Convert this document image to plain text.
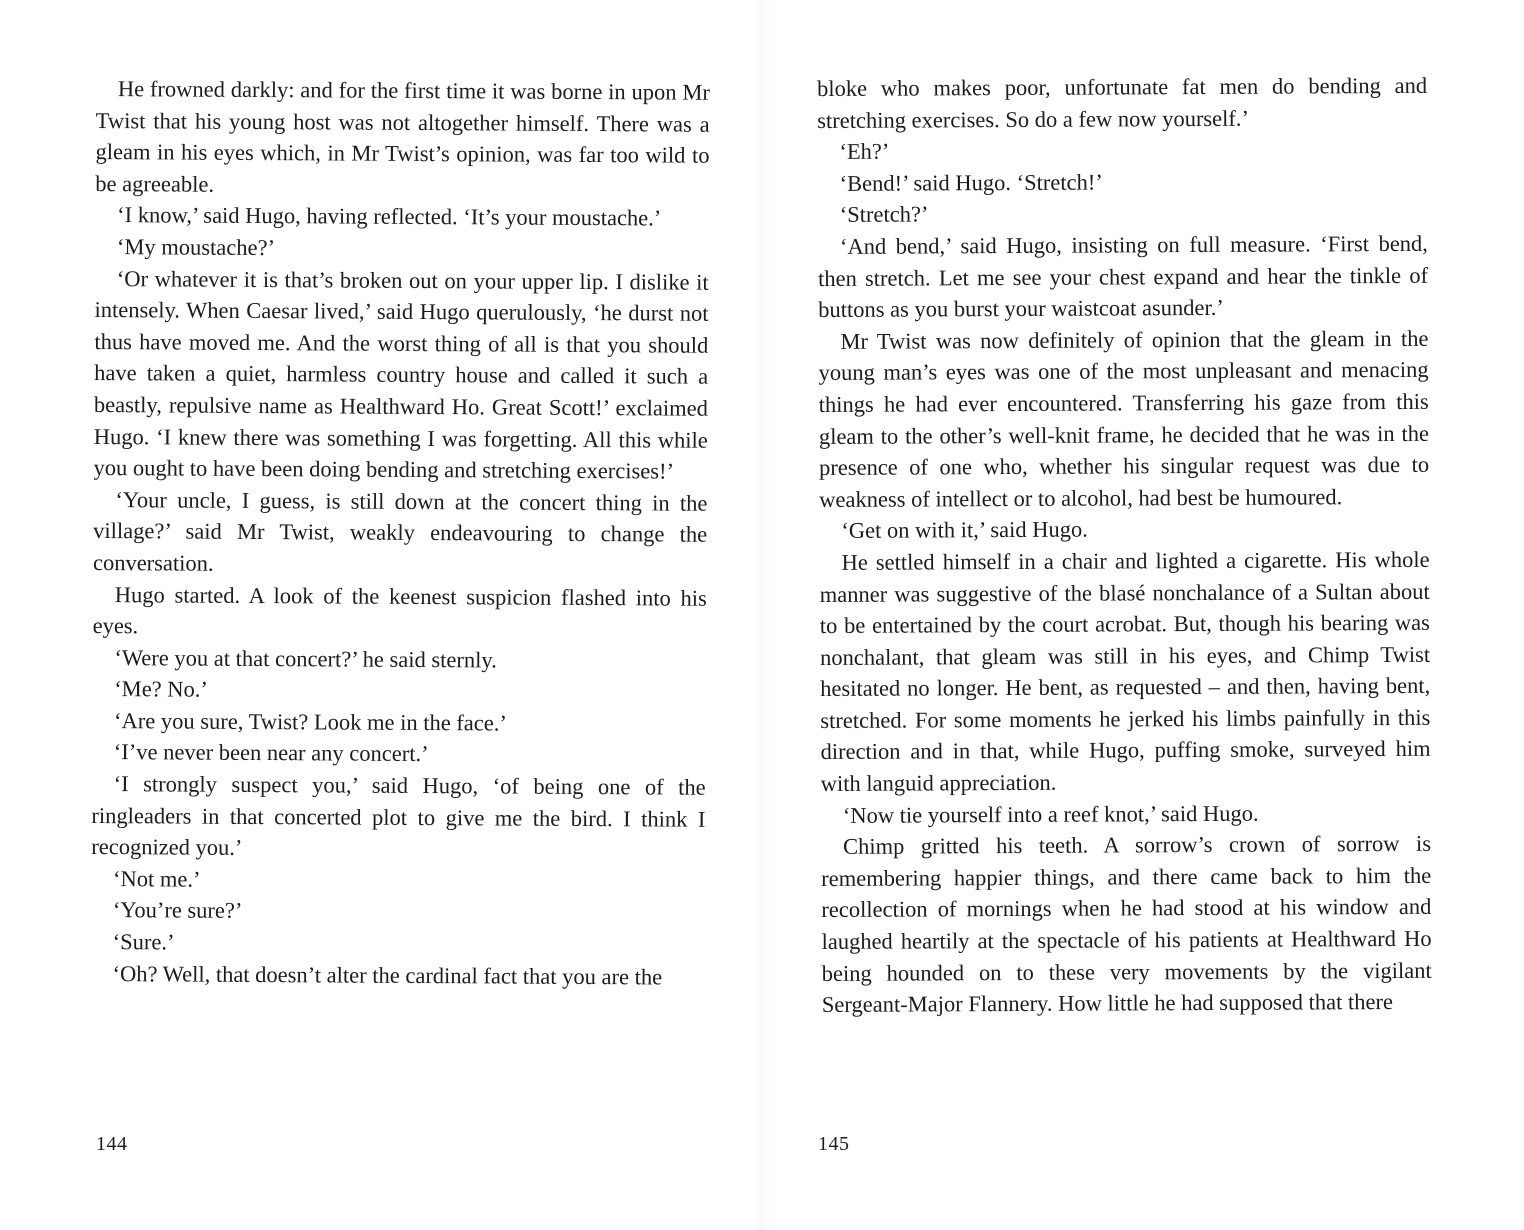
He frowned darkly: and for the first time it was borne in upon Mr Twist that his young host was not altogether himself. There was a gleam in his eyes which, in Mr Twist’s opinion, was far too wild to be agreeable.

‘I know,’ said Hugo, having reflected. ‘It’s your moustache.’

‘My moustache?’

‘Or whatever it is that’s broken out on your upper lip. I dislike it intensely. When Caesar lived,’ said Hugo querulously, ‘he durst not thus have moved me. And the worst thing of all is that you should have taken a quiet, harmless country house and called it such a beastly, repulsive name as Healthward Ho. Great Scott!’ exclaimed Hugo. ‘I knew there was something I was forgetting. All this while you ought to have been doing bending and stretching exercises!’

‘Your uncle, I guess, is still down at the concert thing in the village?’ said Mr Twist, weakly endeavouring to change the conversation.

Hugo started. A look of the keenest suspicion flashed into his eyes.

‘Were you at that concert?’ he said sternly.

‘Me? No.’

‘Are you sure, Twist? Look me in the face.’

‘I’ve never been near any concert.’

‘I strongly suspect you,’ said Hugo, ‘of being one of the ringleaders in that concerted plot to give me the bird. I think I recognized you.’

‘Not me.’

‘You’re sure?’

‘Sure.’

‘Oh? Well, that doesn’t alter the cardinal fact that you are the

144

bloke who makes poor, unfortunate fat men do bending and stretching exercises. So do a few now yourself.’

‘Eh?’

‘Bend!’ said Hugo. ‘Stretch!’

‘Stretch?’

‘And bend,’ said Hugo, insisting on full measure. ‘First bend, then stretch. Let me see your chest expand and hear the tinkle of buttons as you burst your waistcoat asunder.’

Mr Twist was now definitely of opinion that the gleam in the young man’s eyes was one of the most unpleasant and menacing things he had ever encountered. Transferring his gaze from this gleam to the other’s well-knit frame, he decided that he was in the presence of one who, whether his singular request was due to weakness of intellect or to alcohol, had best be humoured.

‘Get on with it,’ said Hugo.

He settled himself in a chair and lighted a cigarette. His whole manner was suggestive of the blasé nonchalance of a Sultan about to be entertained by the court acrobat. But, though his bearing was nonchalant, that gleam was still in his eyes, and Chimp Twist hesitated no longer. He bent, as requested – and then, having bent, stretched. For some moments he jerked his limbs painfully in this direction and in that, while Hugo, puffing smoke, surveyed him with languid appreciation.

‘Now tie yourself into a reef knot,’ said Hugo.

Chimp gritted his teeth. A sorrow’s crown of sorrow is remembering happier things, and there came back to him the recollection of mornings when he had stood at his window and laughed heartily at the spectacle of his patients at Healthward Ho being hounded on to these very movements by the vigilant Sergeant-Major Flannery. How little he had supposed that there

145
